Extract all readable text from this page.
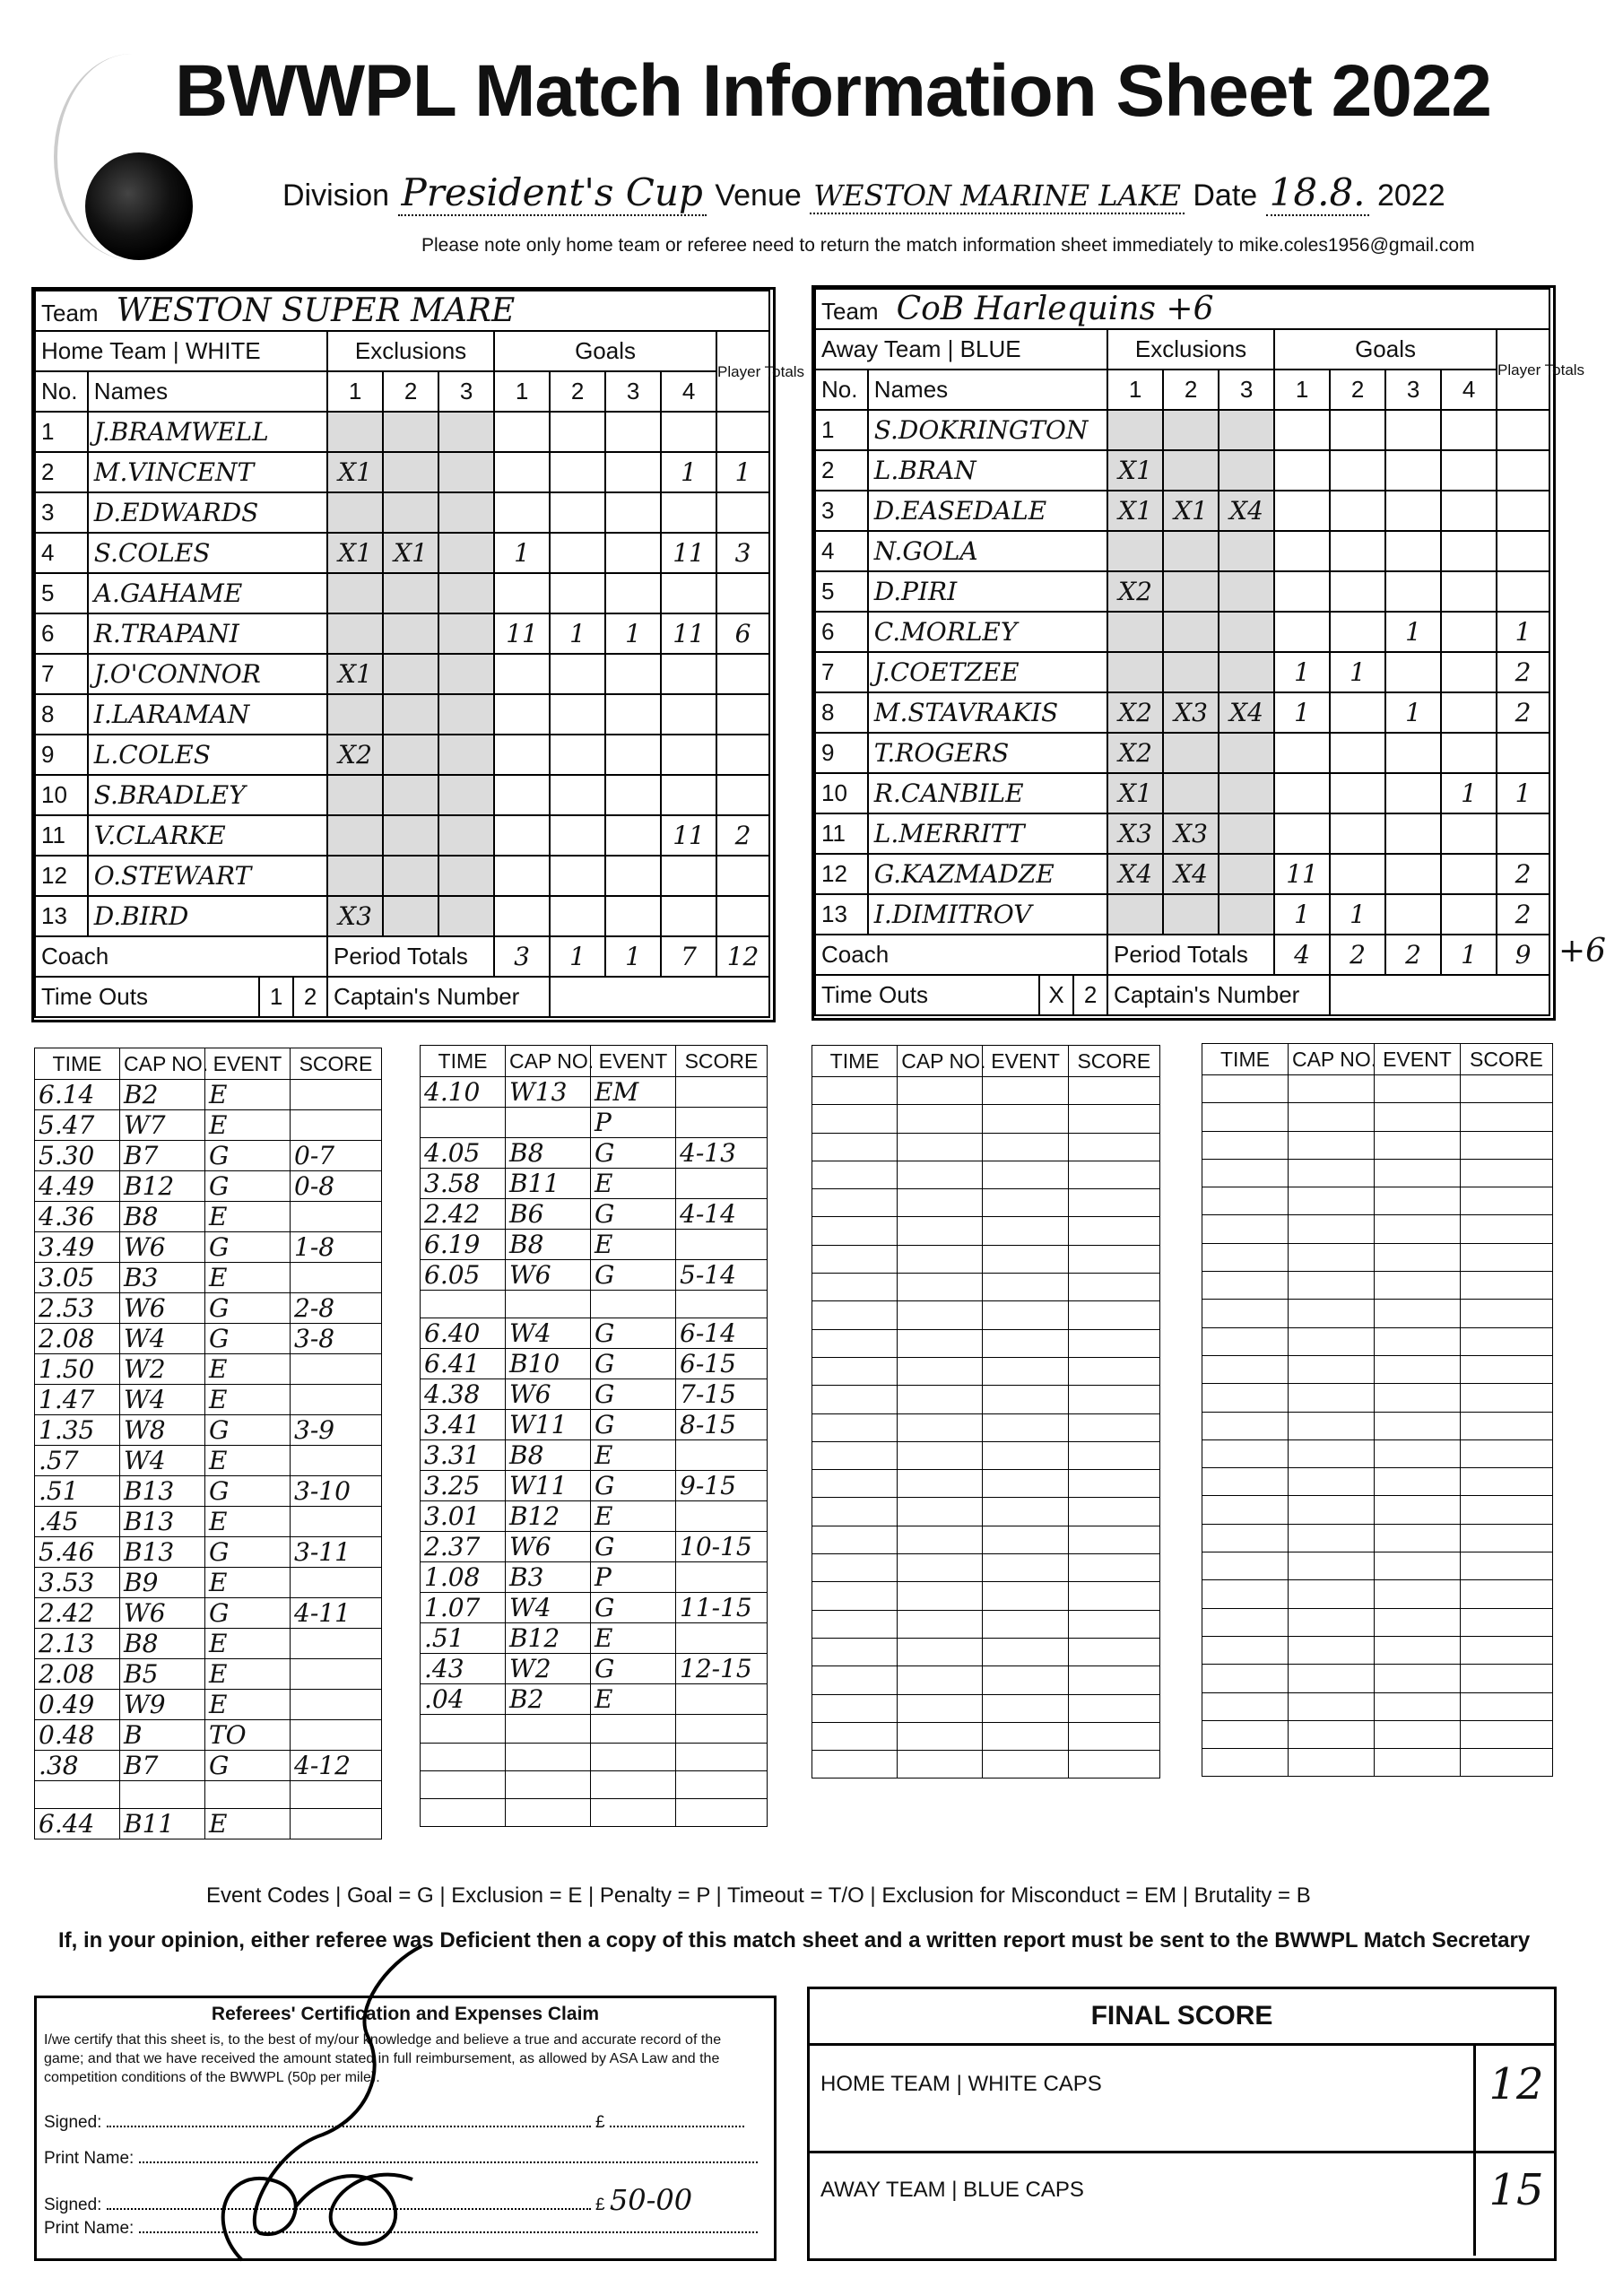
BWWPL Match Information Sheet 2022
Division President's Cup Venue WESTON MARINE LAKE Date 18.8. 2022
Please note only home team or referee need to return the match information sheet immediately to mike.coles1956@gmail.com
Team WESTON SUPER MARE									
Home Team | WHITE		Exclusions			Goals				Player Totals
No.	Names	1	2	3	1	2	3	4	
1	J.BRAMWELL								
2	M.VINCENT	X1						1	1
3	D.EDWARDS								
4	S.COLES	X1	X1		1			11	3
5	A.GAHAME								
6	R.TRAPANI				11	1	1	11	6
7	J.O'CONNOR	X1							
8	I.LARAMAN								
9	L.COLES	X2							
10	S.BRADLEY								
11	V.CLARKE							11	2
12	O.STEWART								
13	D.BIRD	X3							
Coach		Period Totals			3	1	1	7	12

Time Outs 1 2		Captain's Number							
Team CoB Harlequins +6									
Away Team | BLUE		Exclusions			Goals				Player Totals
No.	Names	1	2	3	1	2	3	4	
1	S.DOKRINGTON								
2	L.BRAN	X1							
3	D.EASEDALE	X1	X1	X4					
4	N.GOLA								
5	D.PIRI	X2							
6	C.MORLEY						1		1
7	J.COETZEE				1	1			2
8	M.STAVRAKIS	X2	X3	X4	1		1		2
9	T.ROGERS	X2							
10	R.CANBILE	X1						1	1
11	L.MERRITT	X3	X3						
12	G.KAZMADZE	X4	X4		11				2
13	I.DIMITROV				1	1			2
Coach		Period Totals			4	2	2	1	9

Time Outs X 2		Captain's Number							
+6
TIME	CAP NO.	EVENT	SCORE
6.14	B2	E	
5.47	W7	E	
5.30	B7	G	0-7
4.49	B12	G	0-8
4.36	B8	E	
3.49	W6	G	1-8
3.05	B3	E	
2.53	W6	G	2-8
2.08	W4	G	3-8
1.50	W2	E	
1.47	W4	E	
1.35	W8	G	3-9
.57	W4	E	
.51	B13	G	3-10
.45	B13	E	
5.46	B13	G	3-11
3.53	B9	E	
2.42	W6	G	4-11
2.13	B8	E	
2.08	B5	E	
0.49	W9	E	
0.48	B	TO	
.38	B7	G	4-12

6.44	B11	E	
TIME	CAP NO.	EVENT	SCORE
4.10	W13	EM	
		P	
4.05	B8	G	4-13
3.58	B11	E	
2.42	B6	G	4-14
6.19	B8	E	
6.05	W6	G	5-14

6.40	W4	G	6-14
6.41	B10	G	6-15
4.38	W6	G	7-15
3.41	W11	G	8-15
3.31	B8	E	
3.25	W11	G	9-15
3.01	B12	E	
2.37	W6	G	10-15
1.08	B3	P	
1.07	W4	G	11-15
.51	B12	E	
.43	W2	G	12-15
.04	B2	E	

TIME	CAP NO.	EVENT	SCORE

				TIME	CAP NO.	EVENT	SCORE

Event Codes | Goal = G | Exclusion = E | Penalty = P | Timeout = T/O | Exclusion for Misconduct = EM | Brutality = B
If, in your opinion, either referee was Deficient then a copy of this match sheet and a written report must be sent to the BWWPL Match Secretary
Referees' Certification and Expenses Claim
I/we certify that this sheet is, to the best of my/our knowledge and believe a true and accurate record of the game; and that we have received the amount stated in full reimbursement, as allowed by ASA Law and the competition conditions of the BWWPL (50p per mile).
Signed:	£
Print Name:
Signed:	£ 50-00
Print Name:
FINAL SCORE
HOME TEAM | WHITE CAPS	12
AWAY TEAM | BLUE CAPS	15
